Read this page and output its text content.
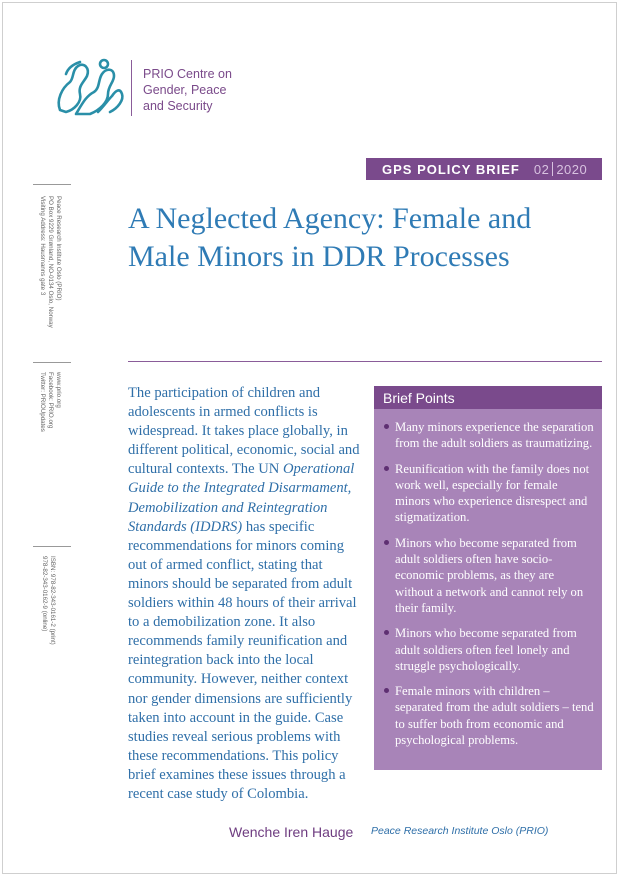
PRIO Centre on
Gender, Peace
and Security
GPS POLICY BRIEF 02 2020
A Neglected Agency: Female and
Male Minors in DDR Processes
Peace Research Institute Oslo (PRIO)
PO Box 9229 Grønland, NO-0134 Oslo, Norway
Visiting Address: Hausmanns gate 3
www.prio.org
Facebook: PRIO.org
Twitter: PRIOUpdates
ISBN: 978-82-343-0161-2 (print)
978-82-343-0162-9 (online)
The participation of children and adolescents in armed conflicts is widespread. It takes place globally, in different political, economic, social and cultural contexts. The UN Operational Guide to the Integrated Disarmament, Demobilization and Reintegration Standards (IDDRS) has specific recommendations for minors coming out of armed conflict, stating that minors should be separated from adult soldiers within 48 hours of their arrival to a demobilization zone. It also recommends family reunification and reintegration back into the local community. However, neither context nor gender dimensions are sufficiently taken into account in the guide. Case studies reveal serious problems with these recommendations. This policy brief examines these issues through a recent case study of Colombia.
Brief Points
Many minors experience the separation from the adult soldiers as traumatizing.
Reunification with the family does not work well, especially for female minors who experience disrespect and stigmatization.
Minors who become separated from adult soldiers often have socio-economic problems, as they are without a network and cannot rely on their family.
Minors who become separated from adult soldiers often feel lonely and struggle psychologically.
Female minors with children – separated from the adult soldiers – tend to suffer both from economic and psychological problems.
Wenche Iren Hauge Peace Research Institute Oslo (PRIO)
